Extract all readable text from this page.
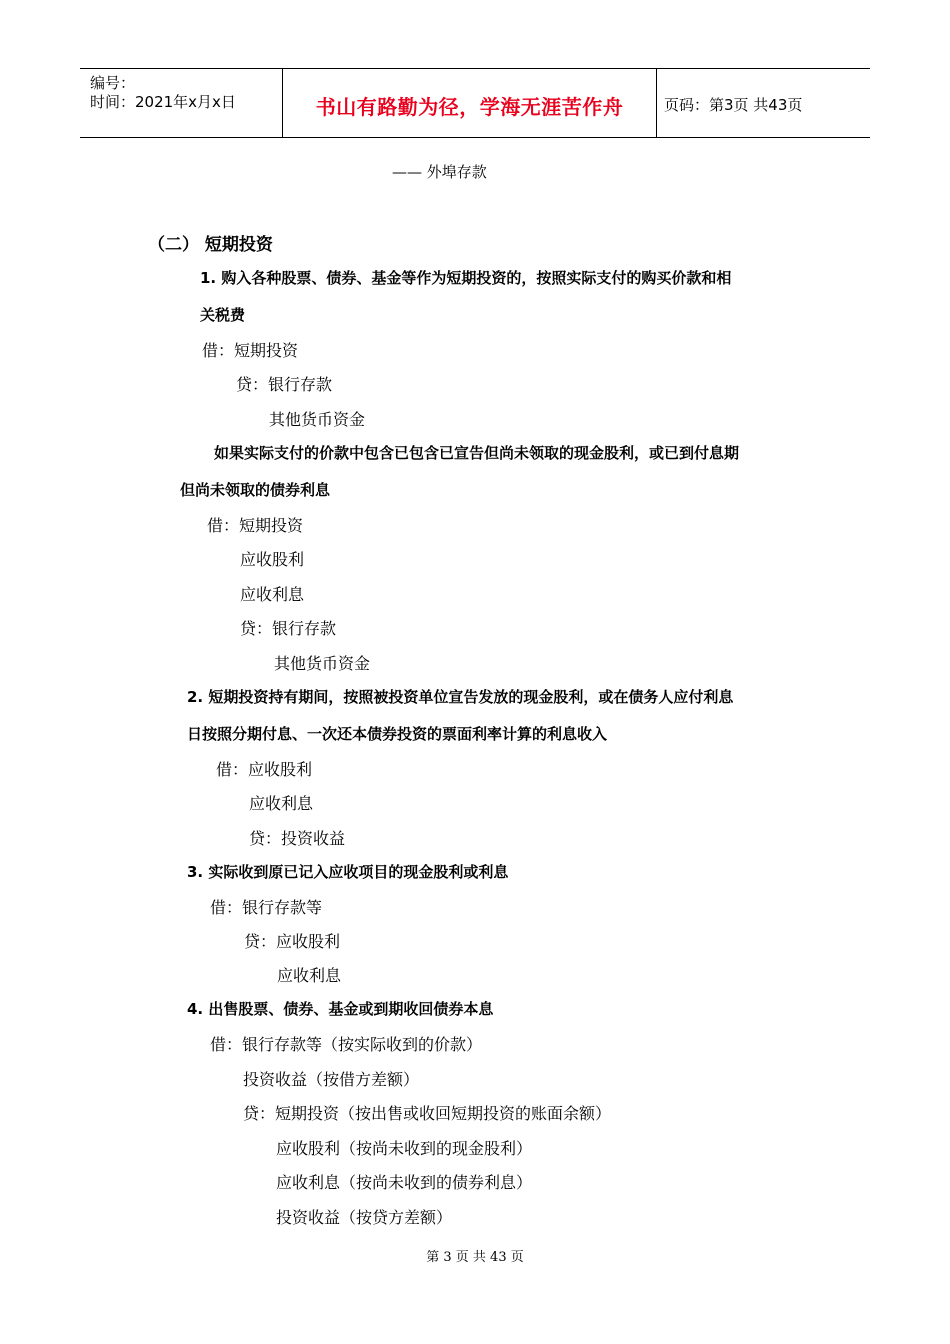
编号：
时间：2021年x月x日	书山有路勤为径，学海无涯苦作舟	页码：第3页 共43页
—— 外埠存款
（二） 短期投资
1. 购入各种股票、债券、基金等作为短期投资的，按照实际支付的购买价款和相
关税费
借：短期投资
贷：银行存款
其他货币资金
如果实际支付的价款中包含已包含已宣告但尚未领取的现金股利，或已到付息期
但尚未领取的债券利息
借：短期投资
应收股利
应收利息
贷：银行存款
其他货币资金
2. 短期投资持有期间，按照被投资单位宣告发放的现金股利，或在债务人应付利息
日按照分期付息、一次还本债券投资的票面利率计算的利息收入
借：应收股利
应收利息
贷：投资收益
3. 实际收到原已记入应收项目的现金股利或利息
借：银行存款等
贷：应收股利
应收利息
4. 出售股票、债券、基金或到期收回债券本息
借：银行存款等（按实际收到的价款）
投资收益（按借方差额）
贷：短期投资（按出售或收回短期投资的账面余额）
应收股利（按尚未收到的现金股利）
应收利息（按尚未收到的债券利息）
投资收益（按贷方差额）
第 3 页 共 43 页
